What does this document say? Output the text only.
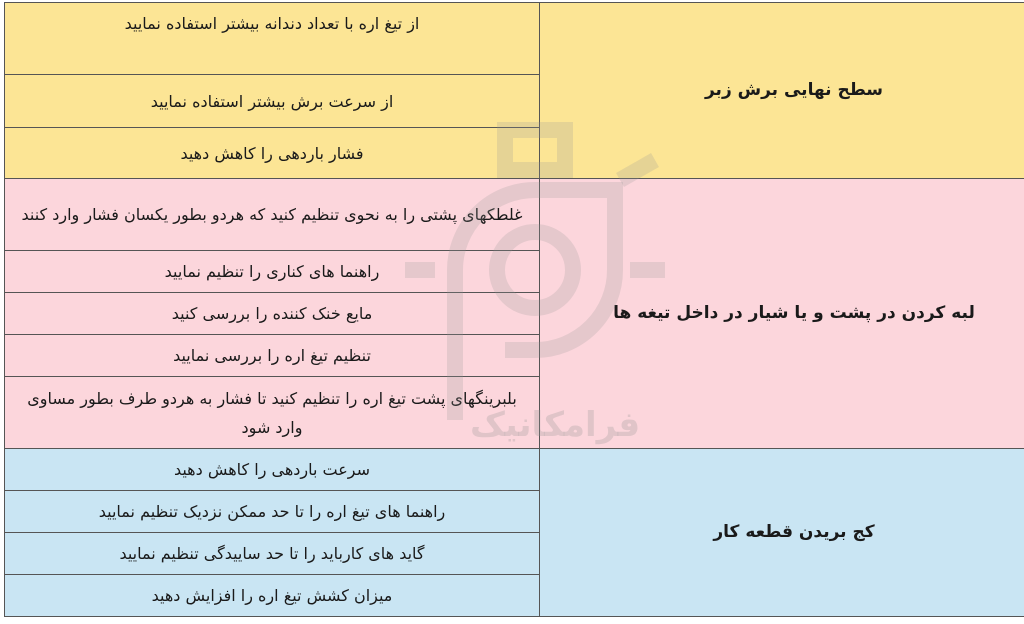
سطح نهایی برش زبر	از تیغ اره با تعداد دندانه بیشتر استفاده نمایید
	از سرعت برش بیشتر استفاده نمایید
	فشار باردهی را کاهش دهید
لبه کردن در پشت و یا شیار در داخل تیغه ها	غلطکهای پشتی را به نحوی تنظیم کنید که هردو بطور یکسان فشار وارد کنند
	راهنما های کناری را تنظیم نمایید
	مایع خنک کننده را بررسی کنید
	تنظیم تیغ اره را بررسی نمایید
	بلبرینگهای پشت تیغ اره را تنظیم کنید تا فشار به هردو طرف بطور مساوی وارد شود
کج بریدن قطعه کار	سرعت باردهی را کاهش دهید
	راهنما های تیغ اره را تا حد ممکن نزدیک تنظیم نمایید
	گاید های کارباید را تا حد ساییدگی تنظیم نمایید
	میزان کشش تیغ اره را افزایش دهید
فرامکانیک
